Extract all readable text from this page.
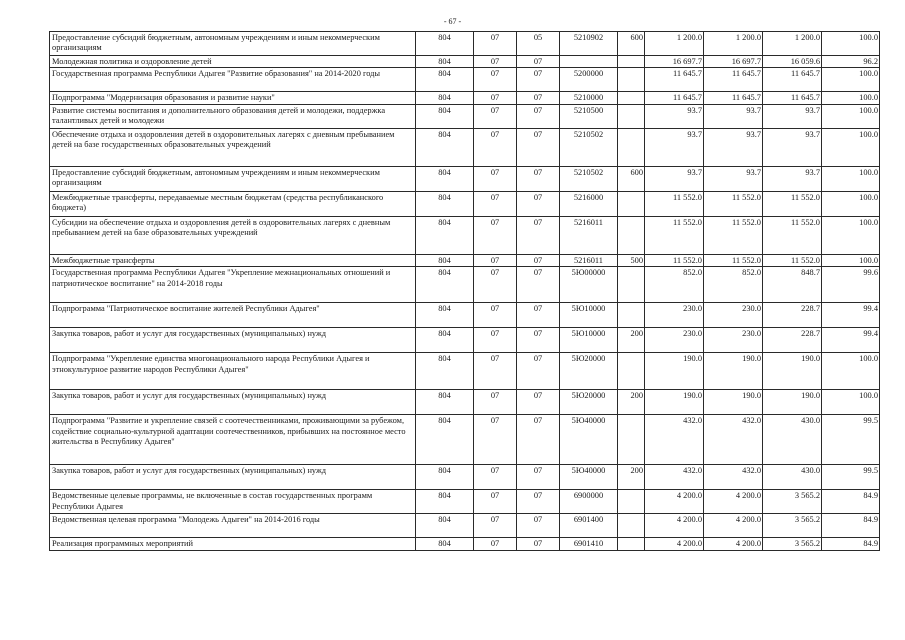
- 67 -
Предоставление субсидий бюджетным, автономным учреждениям и иным некоммерческим организациям	804	07	05	5210902	600	1 200.0	1 200.0	1 200.0	100.0
Молодежная политика и оздоровление детей	804	07	07			16 697.7	16 697.7	16 059.6	96.2
Государственная программа Республики Адыгея "Развитие образования" на 2014-2020 годы	804	07	07	5200000		11 645.7	11 645.7	11 645.7	100.0
Подпрограмма "Модернизация образования и развитие науки"	804	07	07	5210000		11 645.7	11 645.7	11 645.7	100.0
Развитие системы воспитания и дополнительного образования детей и молодежи, поддержка талантливых детей и молодежи	804	07	07	5210500		93.7	93.7	93.7	100.0
Обеспечение отдыха и оздоровления детей в оздоровительных лагерях с дневным пребыванием детей на базе государственных образовательных учреждений	804	07	07	5210502		93.7	93.7	93.7	100.0
Предоставление субсидий бюджетным, автономным учреждениям и иным некоммерческим организациям	804	07	07	5210502	600	93.7	93.7	93.7	100.0
Межбюджетные трансферты, передаваемые местным бюджетам (средства республиканского бюджета)	804	07	07	5216000		11 552.0	11 552.0	11 552.0	100.0
Субсидии на обеспечение отдыха и оздоровления детей в оздоровительных лагерях с дневным пребыванием детей на базе образовательных учреждений	804	07	07	5216011		11 552.0	11 552.0	11 552.0	100.0
Межбюджетные трансферты	804	07	07	5216011	500	11 552.0	11 552.0	11 552.0	100.0
Государственная программа Республики Адыгея "Укрепление межнациональных отношений и патриотическое воспитание" на 2014-2018 годы	804	07	07	5Ю00000		852.0	852.0	848.7	99.6
Подпрограмма "Патриотическое воспитание жителей Республики Адыгея"	804	07	07	5Ю10000		230.0	230.0	228.7	99.4
Закупка товаров, работ и услуг для государственных (муниципальных) нужд	804	07	07	5Ю10000	200	230.0	230.0	228.7	99.4
Подпрограмма "Укрепление единства многонационального народа Республики Адыгея и этнокультурное развитие народов Республики Адыгея"	804	07	07	5Ю20000		190.0	190.0	190.0	100.0
Закупка товаров, работ и услуг для государственных (муниципальных) нужд	804	07	07	5Ю20000	200	190.0	190.0	190.0	100.0
Подпрограмма "Развитие и укрепление связей с соотечественниками, проживающими за рубежом, содействие социально-культурной адаптации соотечественников, прибывших на постоянное место жительства в Республику Адыгея"	804	07	07	5Ю40000		432.0	432.0	430.0	99.5
Закупка товаров, работ и услуг для государственных (муниципальных) нужд	804	07	07	5Ю40000	200	432.0	432.0	430.0	99.5
Ведомственные целевые программы, не включенные в состав государственных программ Республики Адыгея	804	07	07	6900000		4 200.0	4 200.0	3 565.2	84.9
Ведомственная целевая программа "Молодежь Адыгеи" на 2014-2016 годы	804	07	07	6901400		4 200.0	4 200.0	3 565.2	84.9
Реализация программных мероприятий	804	07	07	6901410		4 200.0	4 200.0	3 565.2	84.9
